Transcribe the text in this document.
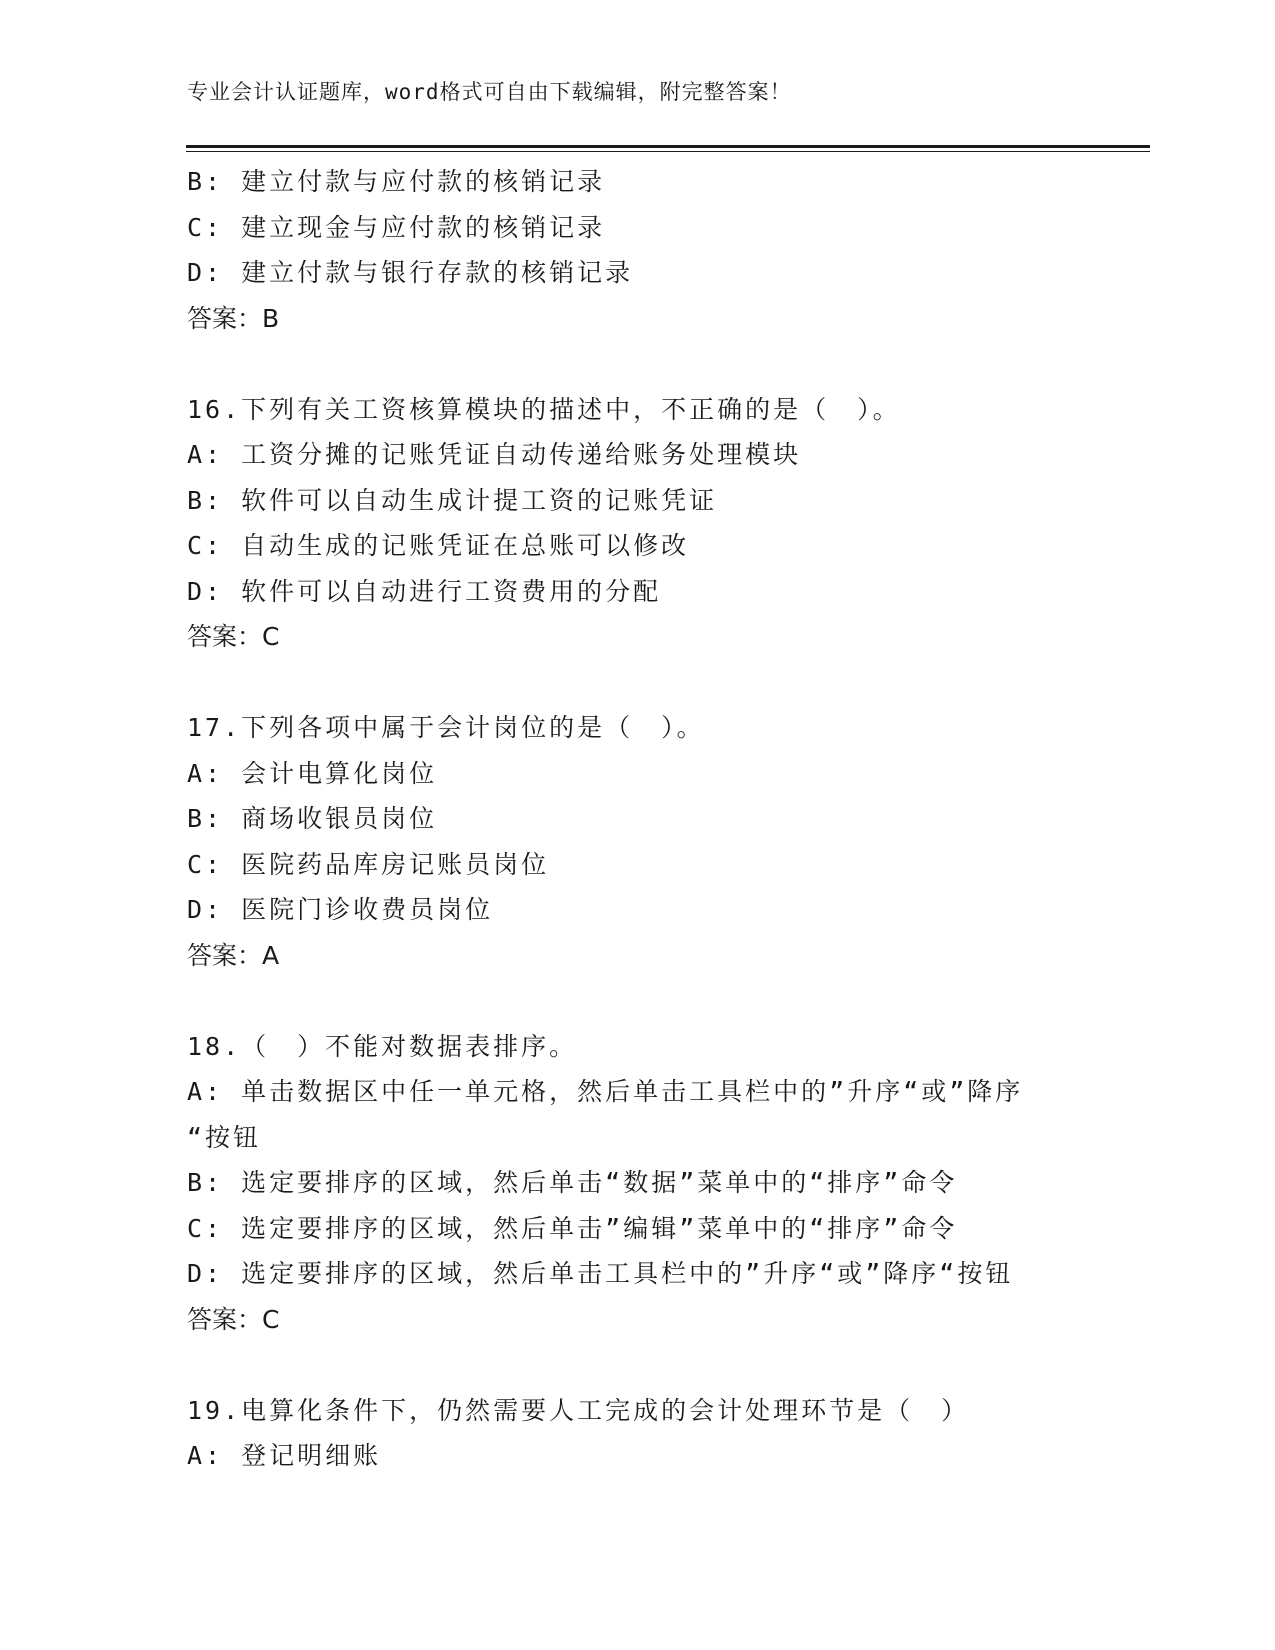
专业会计认证题库，word格式可自由下载编辑，附完整答案！
B: 建立付款与应付款的核销记录
C: 建立现金与应付款的核销记录
D: 建立付款与银行存款的核销记录
答案：B
16.下列有关工资核算模块的描述中，不正确的是（　）。
A: 工资分摊的记账凭证自动传递给账务处理模块
B: 软件可以自动生成计提工资的记账凭证
C: 自动生成的记账凭证在总账可以修改
D: 软件可以自动进行工资费用的分配
答案：C
17.下列各项中属于会计岗位的是（　）。
A: 会计电算化岗位
B: 商场收银员岗位
C: 医院药品库房记账员岗位
D: 医院门诊收费员岗位
答案：A
18.（　）不能对数据表排序。
A: 单击数据区中任一单元格，然后单击工具栏中的”升序“或”降序
“按钮
B: 选定要排序的区域，然后单击“数据”菜单中的“排序”命令
C: 选定要排序的区域，然后单击”编辑”菜单中的“排序”命令
D: 选定要排序的区域，然后单击工具栏中的”升序“或”降序“按钮
答案：C
19.电算化条件下，仍然需要人工完成的会计处理环节是（　）
A: 登记明细账
